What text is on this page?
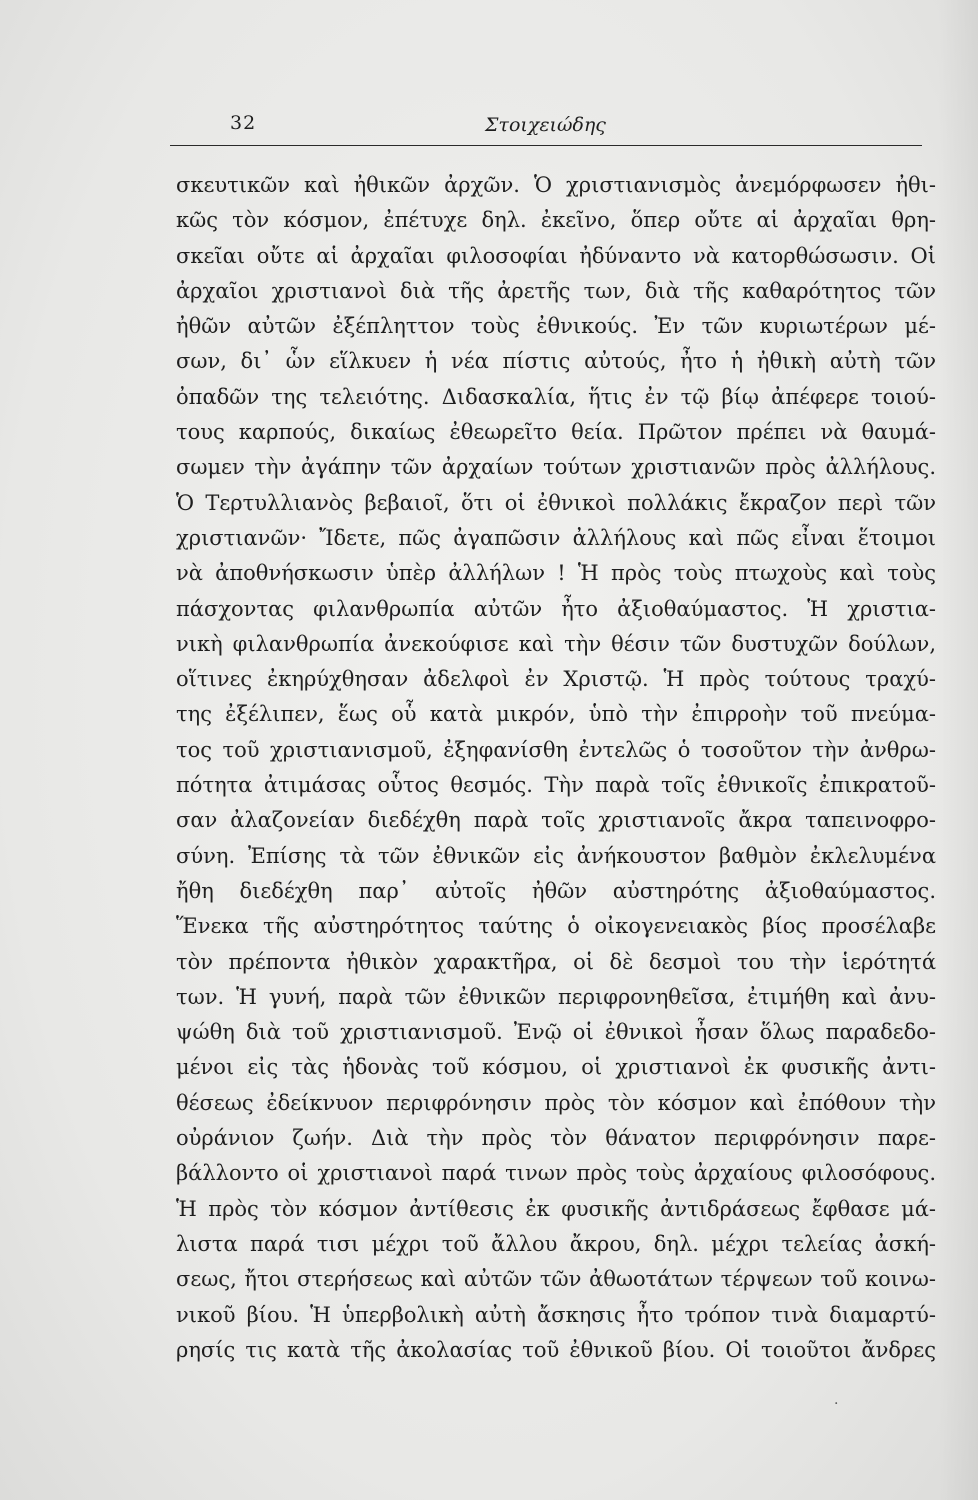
32	Στοιχειώδης
σκευτικῶν καὶ ἠθικῶν ἀρχῶν. Ὁ χριστιανισμὸς ἀνεμόρφωσεν ἠθι-
κῶς τὸν κόσμον, ἐπέτυχε δηλ. ἐκεῖνο, ὅπερ οὔτε αἱ ἀρχαῖαι θρη-
σκεῖαι οὔτε αἱ ἀρχαῖαι φιλοσοφίαι ἠδύναντο νὰ κατορθώσωσιν. Οἱ
ἀρχαῖοι χριστιανοὶ διὰ τῆς ἀρετῆς των, διὰ τῆς καθαρότητος τῶν
ἠθῶν αὐτῶν ἐξέπληττον τοὺς ἐθνικούς. Ἐν τῶν κυριωτέρων μέ-
σων, δι᾽ ὧν εἵλκυεν ἡ νέα πίστις αὐτούς, ἦτο ἡ ἠθικὴ αὐτὴ τῶν
ὀπαδῶν της τελειότης. Διδασκαλία, ἥτις ἐν τῷ βίῳ ἀπέφερε τοιού-
τους καρπούς, δικαίως ἐθεωρεῖτο θεία. Πρῶτον πρέπει νὰ θαυμά-
σωμεν τὴν ἀγάπην τῶν ἀρχαίων τούτων χριστιανῶν πρὸς ἀλλήλους.
Ὁ Τερτυλλιανὸς βεβαιοῖ, ὅτι οἱ ἐθνικοὶ πολλάκις ἔκραζον περὶ τῶν
χριστιανῶν· Ἴδετε, πῶς ἀγαπῶσιν ἀλλήλους καὶ πῶς εἶναι ἕτοιμοι
νὰ ἀποθνήσκωσιν ὑπὲρ ἀλλήλων ! Ἡ πρὸς τοὺς πτωχοὺς καὶ τοὺς
πάσχοντας φιλανθρωπία αὐτῶν ἦτο ἀξιοθαύμαστος. Ἡ χριστια-
νικὴ φιλανθρωπία ἀνεκούφισε καὶ τὴν θέσιν τῶν δυστυχῶν δούλων,
οἵτινες ἐκηρύχθησαν ἀδελφοὶ ἐν Χριστῷ. Ἡ πρὸς τούτους τραχύ-
της ἐξέλιπεν, ἕως οὗ κατὰ μικρόν, ὑπὸ τὴν ἐπιρροὴν τοῦ πνεύμα-
τος τοῦ χριστιανισμοῦ, ἐξηφανίσθη ἐντελῶς ὁ τοσοῦτον τὴν ἀνθρω-
πότητα ἀτιμάσας οὗτος θεσμός. Τὴν παρὰ τοῖς ἐθνικοῖς ἐπικρατοῦ-
σαν ἀλαζονείαν διεδέχθη παρὰ τοῖς χριστιανοῖς ἄκρα ταπεινοφρο-
σύνη. Ἐπίσης τὰ τῶν ἐθνικῶν εἰς ἀνήκουστον βαθμὸν ἐκλελυμένα
ἤθη διεδέχθη παρ᾽ αὐτοῖς ἠθῶν αὐστηρότης ἀξιοθαύμαστος.
Ἕνεκα τῆς αὐστηρότητος ταύτης ὁ οἰκογενειακὸς βίος προσέλαβε
τὸν πρέποντα ἠθικὸν χαρακτῆρα, οἱ δὲ δεσμοὶ του τὴν ἱερότητά
των. Ἡ γυνή, παρὰ τῶν ἐθνικῶν περιφρονηθεῖσα, ἐτιμήθη καὶ ἀνυ-
ψώθη διὰ τοῦ χριστιανισμοῦ. Ἐνῷ οἱ ἐθνικοὶ ἦσαν ὅλως παραδεδο-
μένοι εἰς τὰς ἡδονὰς τοῦ κόσμου, οἱ χριστιανοὶ ἐκ φυσικῆς ἀντι-
θέσεως ἐδείκνυον περιφρόνησιν πρὸς τὸν κόσμον καὶ ἐπόθουν τὴν
οὐράνιον ζωήν. Διὰ τὴν πρὸς τὸν θάνατον περιφρόνησιν παρε-
βάλλοντο οἱ χριστιανοὶ παρά τινων πρὸς τοὺς ἀρχαίους φιλοσόφους.
Ἡ πρὸς τὸν κόσμον ἀντίθεσις ἐκ φυσικῆς ἀντιδράσεως ἔφθασε μά-
λιστα παρά τισι μέχρι τοῦ ἄλλου ἄκρου, δηλ. μέχρι τελείας ἀσκή-
σεως, ἤτοι στερήσεως καὶ αὐτῶν τῶν ἀθωοτάτων τέρψεων τοῦ κοινω-
νικοῦ βίου. Ἡ ὑπερβολικὴ αὐτὴ ἄσκησις ἦτο τρόπον τινὰ διαμαρτύ-
ρησίς τις κατὰ τῆς ἀκολασίας τοῦ ἐθνικοῦ βίου. Οἱ τοιοῦτοι ἄνδρες
·
